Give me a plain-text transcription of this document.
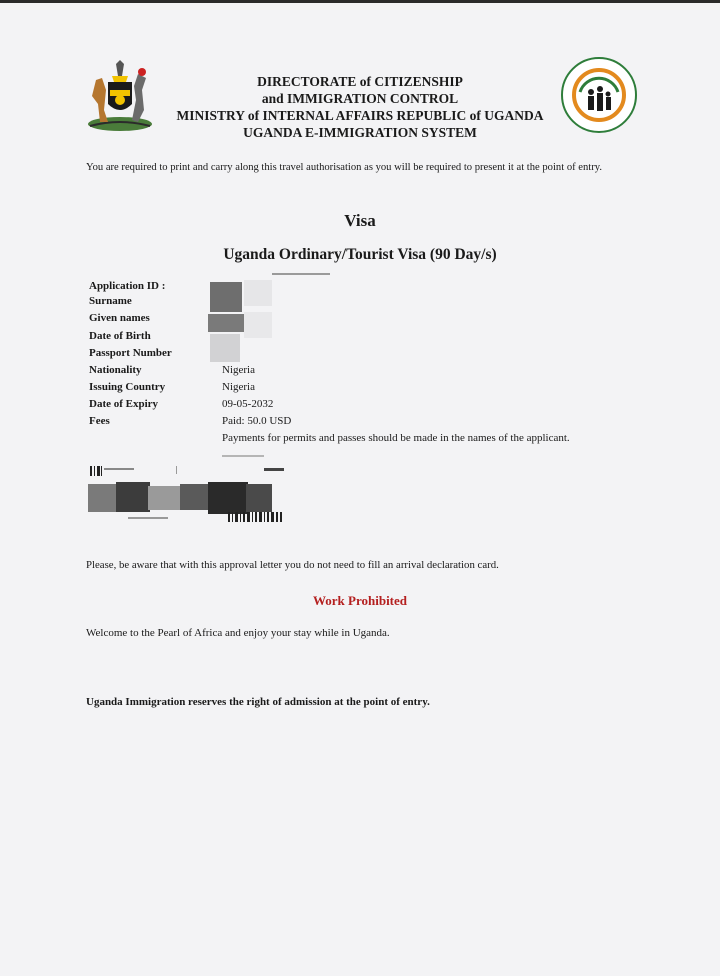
DIRECTORATE of CITIZENSHIP
and IMMIGRATION CONTROL
MINISTRY of INTERNAL AFFAIRS REPUBLIC of UGANDA
UGANDA E-IMMIGRATION SYSTEM
You are required to print and carry along this travel authorisation as you will be required to present it at the point of entry.
Visa
Uganda Ordinary/Tourist Visa (90 Day/s)
Application ID :
Surname
Given names
Date of Birth
Passport Number
Nationality
Issuing Country
Date of Expiry
Fees
Nigeria
Nigeria
09-05-2032
Paid: 50.0 USD
Payments for permits and passes should be made in the names of the applicant.
Please, be aware that with this approval letter you do not need to fill an arrival declaration card.
Work Prohibited
Welcome to the Pearl of Africa and enjoy your stay while in Uganda.
Uganda Immigration reserves the right of admission at the point of entry.
